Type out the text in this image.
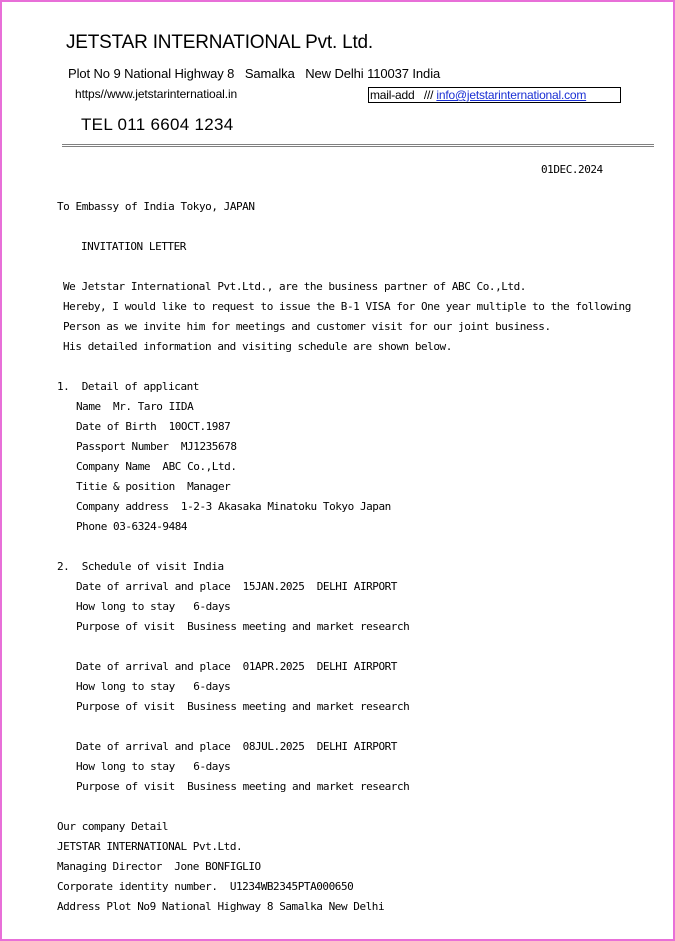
JETSTAR INTERNATIONAL Pvt. Ltd.
Plot No 9 National Highway 8   Samalka   New Delhi 110037 India
https//www.jetstarinternatioal.in	mail-add   /// info@jetstarinternational.com
TEL 011 6604 1234
01DEC.2024
To Embassy of India Tokyo, JAPAN
INVITATION LETTER
We Jetstar International Pvt.Ltd., are the business partner of ABC Co.,Ltd.
Hereby, I would like to request to issue the B-1 VISA for One year multiple to the following
Person as we invite him for meetings and customer visit for our joint business.
His detailed information and visiting schedule are shown below.
1.  Detail of applicant
Name  Mr. Taro IIDA
Date of Birth  10OCT.1987
Passport Number  MJ1235678
Company Name  ABC Co.,Ltd.
Titie & position  Manager
Company address  1-2-3 Akasaka Minatoku Tokyo Japan
Phone 03-6324-9484
2.  Schedule of visit India
Date of arrival and place  15JAN.2025  DELHI AIRPORT
How long to stay   6-days
Purpose of visit  Business meeting and market research
Date of arrival and place  01APR.2025  DELHI AIRPORT
How long to stay   6-days
Purpose of visit  Business meeting and market research
Date of arrival and place  08JUL.2025  DELHI AIRPORT
How long to stay   6-days
Purpose of visit  Business meeting and market research
Our company Detail
JETSTAR INTERNATIONAL Pvt.Ltd.
Managing Director  Jone BONFIGLIO
Corporate identity number.  U1234WB2345PTA000650
Address Plot No9 National Highway 8 Samalka New Delhi
